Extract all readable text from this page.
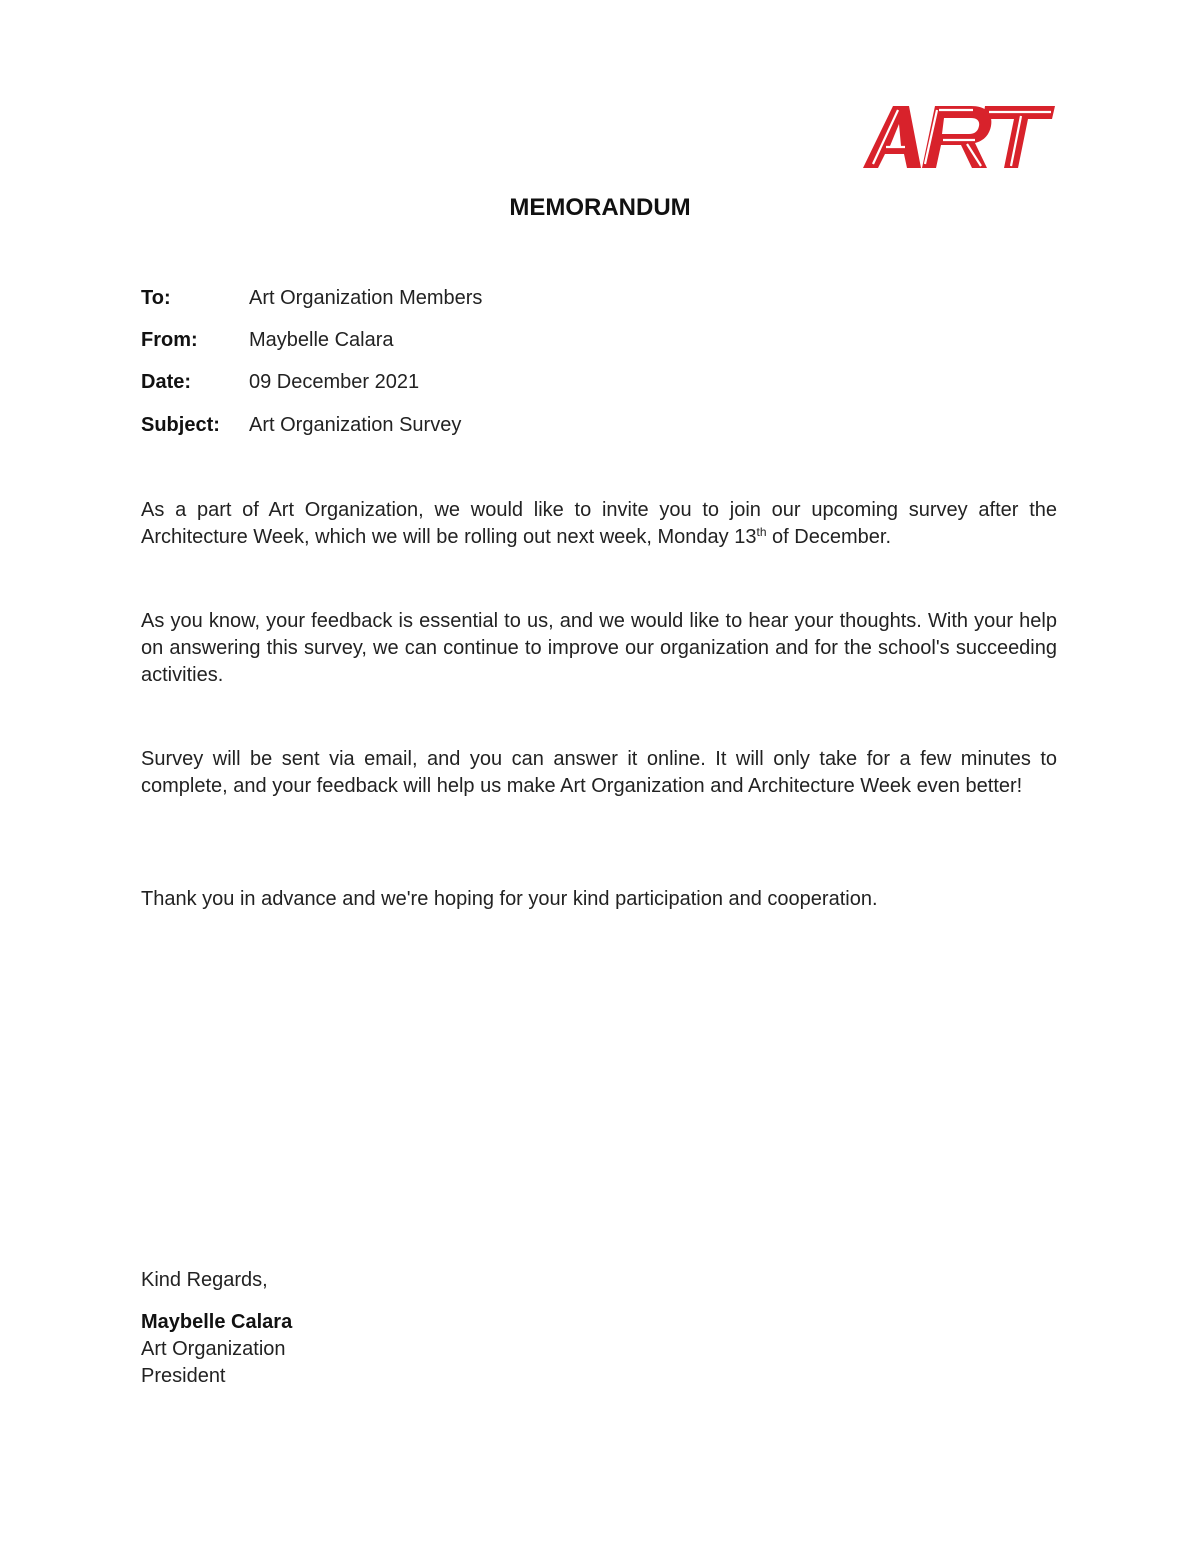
MEMORANDUM
To:	Art Organization Members
From:	Maybelle Calara
Date:	09 December 2021
Subject:	Art Organization Survey

As a part of Art Organization, we would like to invite you to join our upcoming survey after the Architecture Week, which we will be rolling out next week, Monday 13th of December.

As you know, your feedback is essential to us, and we would like to hear your thoughts. With your help on answering this survey, we can continue to improve our organization and for the school's succeeding activities.

Survey will be sent via email, and you can answer it online. It will only take for a few minutes to complete, and your feedback will help us make Art Organization and Architecture Week even better!

Thank you in advance and we're hoping for your kind participation and cooperation.

Kind Regards,
Maybelle Calara
Art Organization
President
